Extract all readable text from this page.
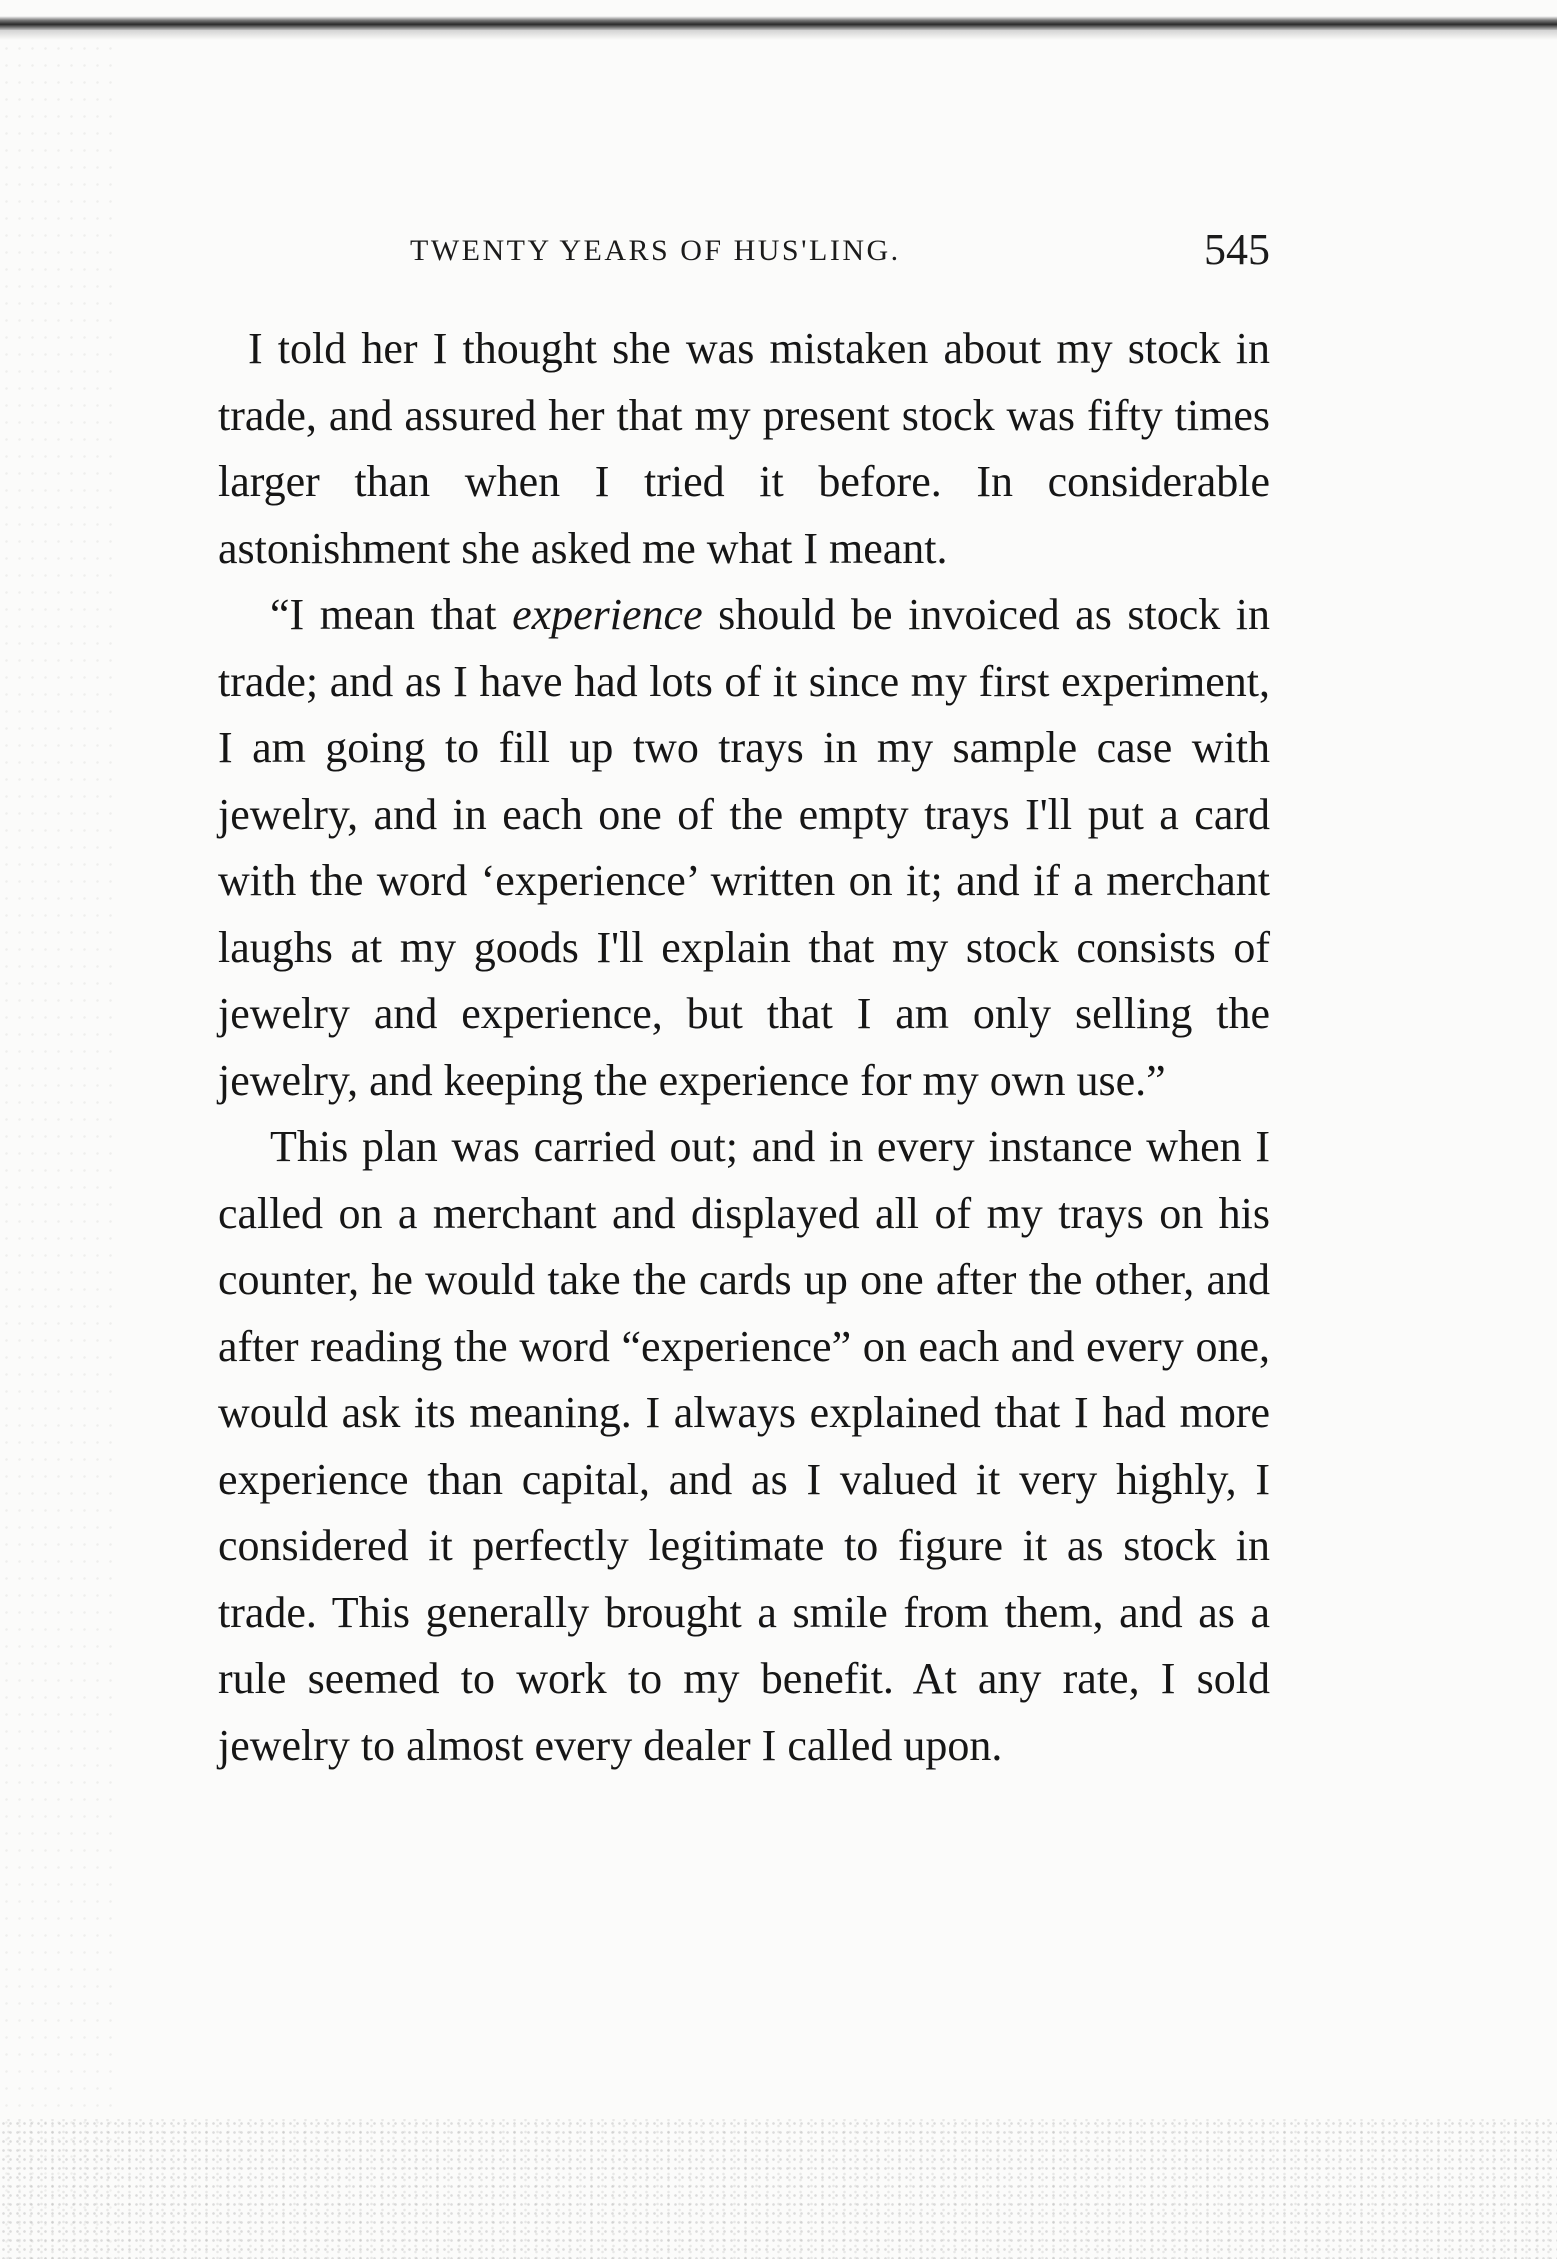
TWENTY YEARS OF HUS'LING.	545

I told her I thought she was mistaken about my stock in trade, and assured her that my present stock was fifty times larger than when I tried it before. In considerable astonishment she asked me what I meant.

“I mean that experience should be invoiced as stock in trade; and as I have had lots of it since my first experiment, I am going to fill up two trays in my sample case with jewelry, and in each one of the empty trays I'll put a card with the word ‘experience’ written on it; and if a merchant laughs at my goods I'll explain that my stock consists of jewelry and experience, but that I am only selling the jewelry, and keeping the experience for my own use.”

This plan was carried out; and in every instance when I called on a merchant and displayed all of my trays on his counter, he would take the cards up one after the other, and after reading the word “experience” on each and every one, would ask its meaning. I always explained that I had more experience than capital, and as I valued it very highly, I considered it perfectly legitimate to figure it as stock in trade. This generally brought a smile from them, and as a rule seemed to work to my benefit. At any rate, I sold jewelry to almost every dealer I called upon.
